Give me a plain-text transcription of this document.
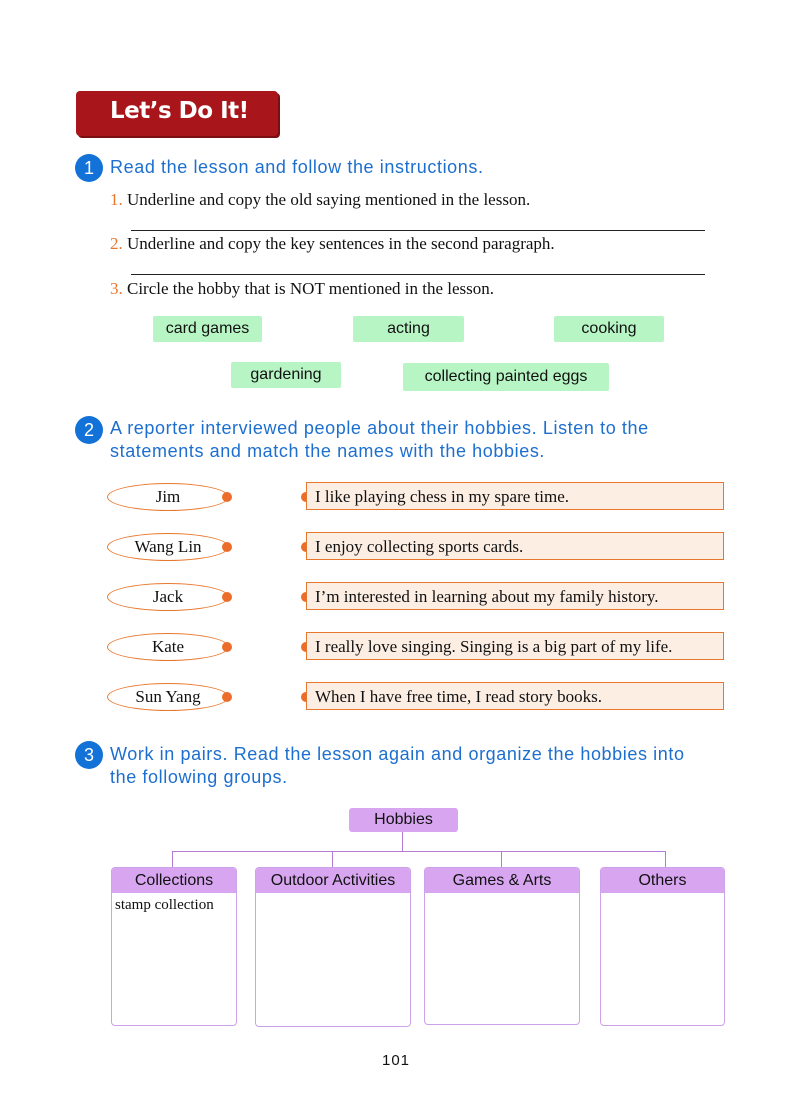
Let’s Do It!
1 Read the lesson and follow the instructions.
1. Underline and copy the old saying mentioned in the lesson.
2. Underline and copy the key sentences in the second paragraph.
3. Circle the hobby that is NOT mentioned in the lesson.
card games	acting	cooking
gardening	collecting painted eggs
2 A reporter interviewed people about their hobbies. Listen to the
statements and match the names with the hobbies.
Jim	I like playing chess in my spare time.
Wang Lin	I enjoy collecting sports cards.
Jack	I’m interested in learning about my family history.
Kate	I really love singing. Singing is a big part of my life.
Sun Yang	When I have free time, I read story books.
3 Work in pairs. Read the lesson again and organize the hobbies into
the following groups.
Hobbies
Collections
stamp collection
Outdoor Activities	Games & Arts	Others
101
